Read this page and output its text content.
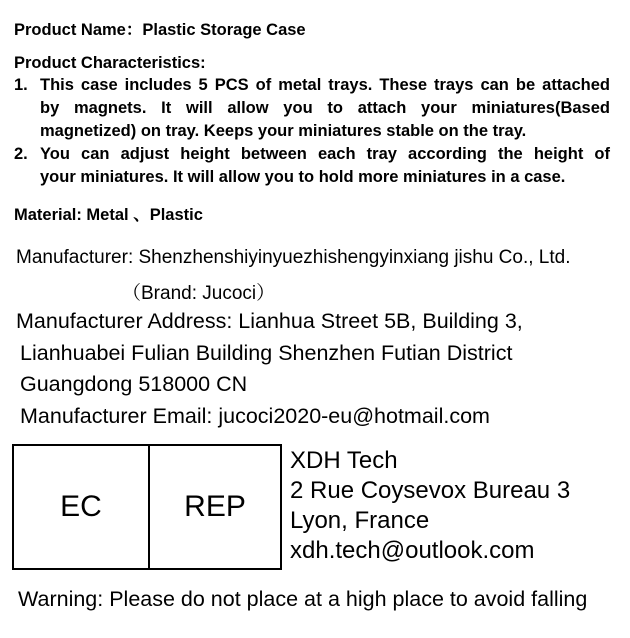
Product Name：Plastic Storage Case
Product Characteristics:
1. This case includes 5 PCS of metal trays. These trays can be attached
by magnets. It will allow you to attach your miniatures(Based
magnetized) on tray. Keeps your miniatures stable on the tray.
2. You can adjust height between each tray according the height of
your miniatures. It will allow you to hold more miniatures in a case.
Material: Metal 、Plastic
Manufacturer: Shenzhenshiyinyuezhishengyinxiang jishu Co., Ltd.
（Brand: Jucoci）
Manufacturer Address: Lianhua Street 5B, Building 3,
Lianhuabei Fulian Building Shenzhen Futian District
Guangdong 518000 CN
Manufacturer Email: jucoci2020-eu@hotmail.com
EC	REP
XDH Tech
2 Rue Coysevox Bureau 3
Lyon, France
xdh.tech@outlook.com
Warning: Please do not place at a high place to avoid falling
